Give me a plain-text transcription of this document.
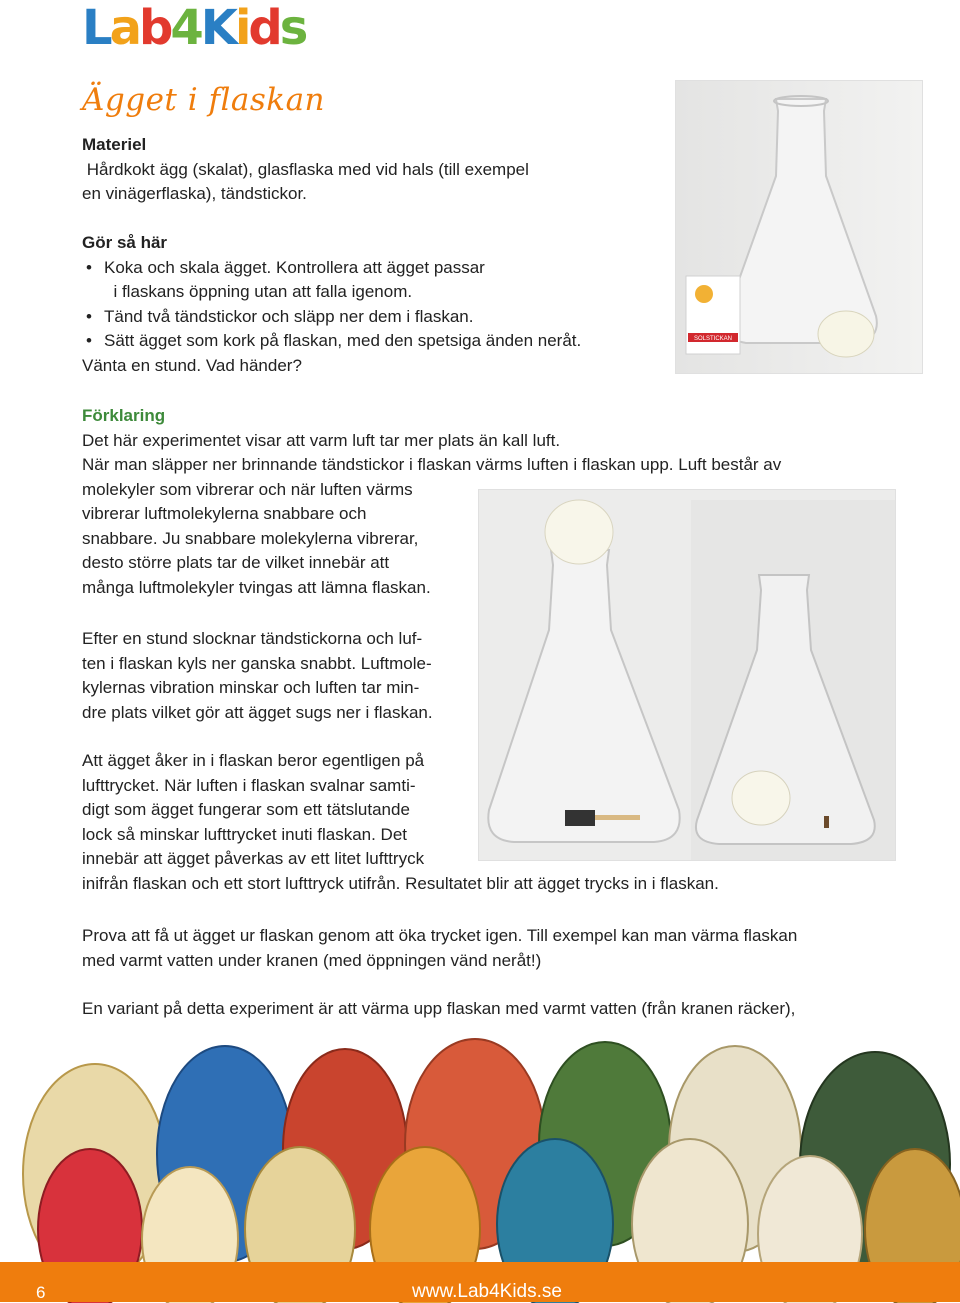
Lab4Kids
Ägget i flaskan
Materiel
Hårdkokt ägg (skalat), glasflaska med vid hals (till exempel
en vinägerflaska), tändstickor.
Gör så här
• Koka och skala ägget. Kontrollera att ägget passar
i flaskans öppning utan att falla igenom.
• Tänd två tändstickor och släpp ner dem i flaskan.
• Sätt ägget som kork på flaskan, med den spetsiga änden neråt.
Vänta en stund. Vad händer?
SOLSTICKAN
Förklaring
Det här experimentet visar att varm luft tar mer plats än kall luft.
När man släpper ner brinnande tändstickor i flaskan värms luften i flaskan upp. Luft består av
molekyler som vibrerar och när luften värms
vibrerar luftmolekylerna snabbare och
snabbare. Ju snabbare molekylerna vibrerar,
desto större plats tar de vilket innebär att
många luftmolekyler tvingas att lämna flaskan.
Efter en stund slocknar tändstickorna och luf-
ten i flaskan kyls ner ganska snabbt. Luftmole-
kylernas vibration minskar och luften tar min-
dre plats vilket gör att ägget sugs ner i flaskan.
Att ägget åker in i flaskan beror egentligen på
lufttrycket. När luften i flaskan svalnar samti-
digt som ägget fungerar som ett tätslutande
lock så minskar lufttrycket inuti flaskan. Det
innebär att ägget påverkas av ett litet lufttryck
inifrån flaskan och ett stort lufttryck utifrån. Resultatet blir att ägget trycks in i flaskan.
Prova att få ut ägget ur flaskan genom att öka trycket igen. Till exempel kan man värma flaskan
med varmt vatten under kranen (med öppningen vänd neråt!)
En variant på detta experiment är att värma upp flaskan med varmt vatten (från kranen räcker),
6	www.Lab4Kids.se
